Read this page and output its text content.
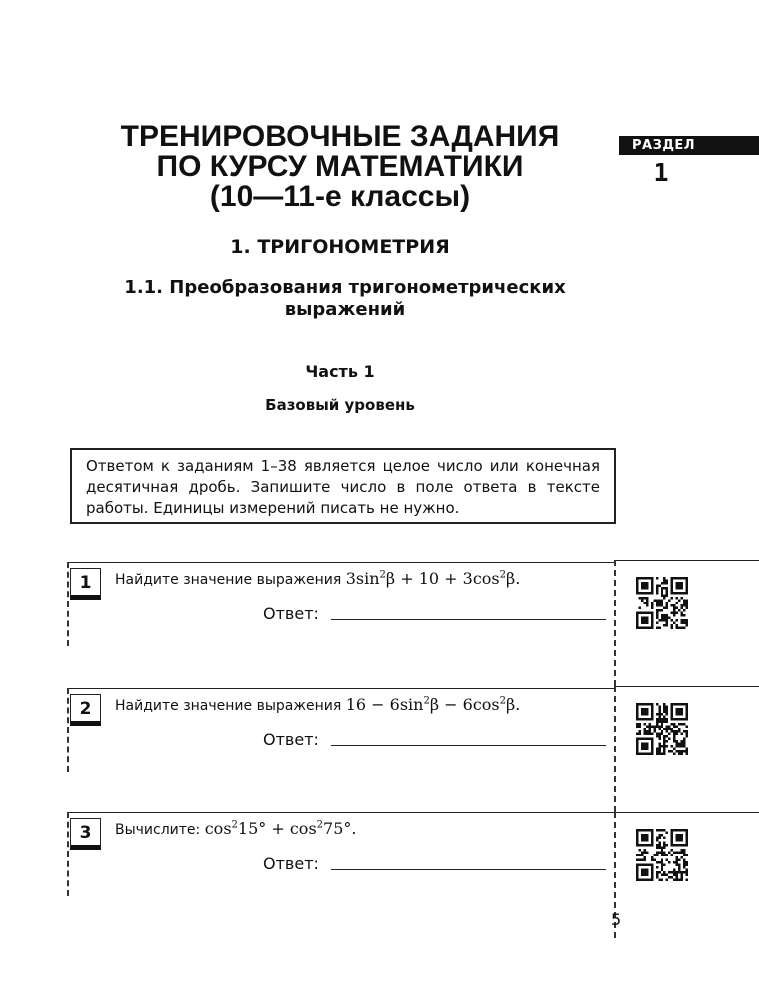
ТРЕНИРОВОЧНЫЕ ЗАДАНИЯ
ПО КУРСУ МАТЕМАТИКИ
(10—11-е классы)
РАЗДЕЛ
1
1. ТРИГОНОМЕТРИЯ
1.1. Преобразования тригонометрических
выражений
Часть 1
Базовый уровень
Ответом к заданиям 1–38 является целое число или конечная десятичная дробь. Запишите число в поле ответа в тексте работы. Единицы измерений писать не нужно.
1	Найдите значение выражения $3\sin^2\beta + 10 + 3\cos^2\beta$.
Ответ:
2	Найдите значение выражения $16 - 6\sin^2\beta - 6\cos^2\beta$.
Ответ:
3	Вычислите: $\cos^215^\circ + \cos^275^\circ$.
Ответ:
5
